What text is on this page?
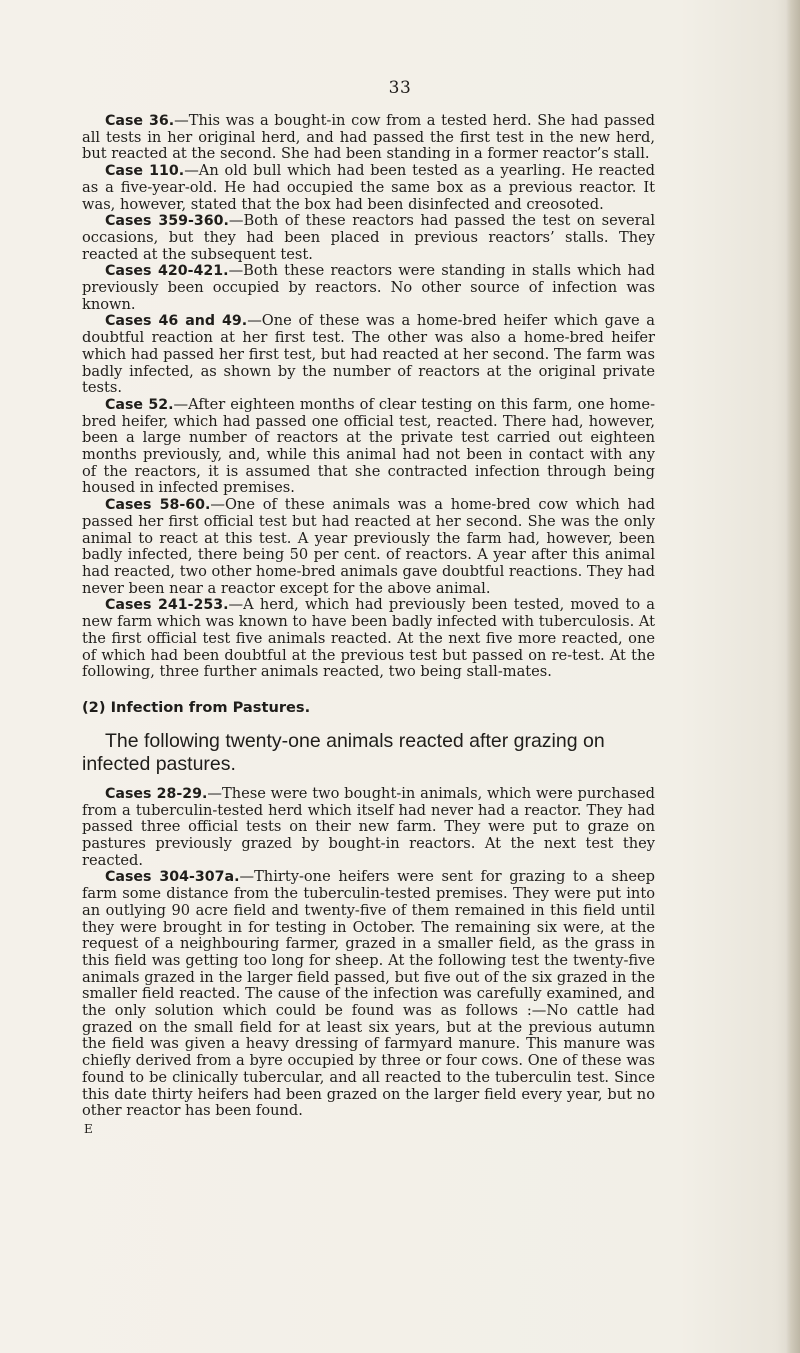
33

Case 36.—This was a bought-in cow from a tested herd. She had passed all tests in her original herd, and had passed the first test in the new herd, but reacted at the second. She had been standing in a former reactor’s stall.

Case 110.—An old bull which had been tested as a yearling. He reacted as a five-year-old. He had occupied the same box as a previous reactor. It was, however, stated that the box had been disinfected and creosoted.

Cases 359-360.—Both of these reactors had passed the test on several occasions, but they had been placed in previous reactors’ stalls. They reacted at the subsequent test.

Cases 420-421.—Both these reactors were standing in stalls which had previously been occupied by reactors. No other source of infection was known.

Cases 46 and 49.—One of these was a home-bred heifer which gave a doubtful reaction at her first test. The other was also a home-bred heifer which had passed her first test, but had reacted at her second. The farm was badly infected, as shown by the number of reactors at the original private tests.

Case 52.—After eighteen months of clear testing on this farm, one home-bred heifer, which had passed one official test, reacted. There had, however, been a large number of reactors at the private test carried out eighteen months previously, and, while this animal had not been in contact with any of the reactors, it is assumed that she contracted infection through being housed in infected premises.

Cases 58-60.—One of these animals was a home-bred cow which had passed her first official test but had reacted at her second. She was the only animal to react at this test. A year previously the farm had, however, been badly infected, there being 50 per cent. of reactors. A year after this animal had reacted, two other home-bred animals gave doubtful reactions. They had never been near a reactor except for the above animal.

Cases 241-253.—A herd, which had previously been tested, moved to a new farm which was known to have been badly infected with tuberculosis. At the first official test five animals reacted. At the next five more reacted, one of which had been doubtful at the previous test but passed on re-test. At the following, three further animals reacted, two being stall-mates.

(2) Infection from Pastures.

The following twenty-one animals reacted after grazing on infected pastures.

Cases 28-29.—These were two bought-in animals, which were purchased from a tuberculin-tested herd which itself had never had a reactor. They had passed three official tests on their new farm. They were put to graze on pastures previously grazed by bought-in reactors. At the next test they reacted.

Cases 304-307a.—Thirty-one heifers were sent for grazing to a sheep farm some distance from the tuberculin-tested premises. They were put into an outlying 90 acre field and twenty-five of them remained in this field until they were brought in for testing in October. The remaining six were, at the request of a neighbouring farmer, grazed in a smaller field, as the grass in this field was getting too long for sheep. At the following test the twenty-five animals grazed in the larger field passed, but five out of the six grazed in the smaller field reacted. The cause of the infection was carefully examined, and the only solution which could be found was as follows :—No cattle had grazed on the small field for at least six years, but at the previous autumn the field was given a heavy dressing of farmyard manure. This manure was chiefly derived from a byre occupied by three or four cows. One of these was found to be clinically tubercular, and all reacted to the tuberculin test. Since this date thirty heifers had been grazed on the larger field every year, but no other reactor has been found.

E
